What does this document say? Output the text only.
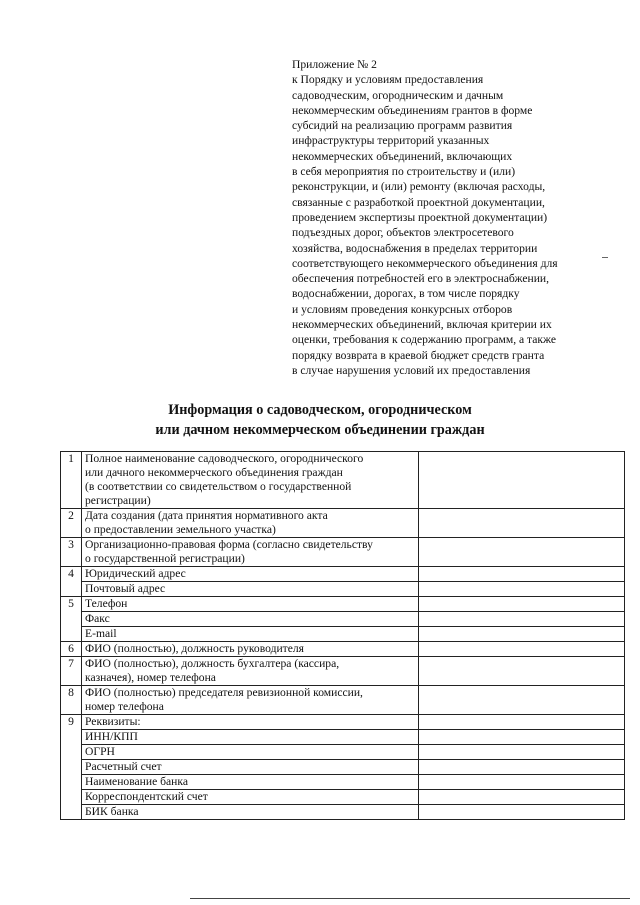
Приложение № 2
к Порядку и условиям предоставления
садоводческим, огородническим и дачным
некоммерческим объединениям грантов в форме
субсидий на реализацию программ развития
инфраструктуры территорий указанных
некоммерческих объединений, включающих
в себя мероприятия по строительству и (или)
реконструкции, и (или) ремонту (включая расходы,
связанные с разработкой проектной документации,
проведением экспертизы проектной документации)
подъездных дорог, объектов электросетевого
хозяйства, водоснабжения в пределах территории
соответствующего некоммерческого объединения для
обеспечения потребностей его в электроснабжении,
водоснабжении, дорогах, в том числе порядку
и условиям проведения конкурсных отборов
некоммерческих объединений, включая критерии их
оценки, требования к содержанию программ, а также
порядку возврата в краевой бюджет средств гранта
в случае нарушения условий их предоставления
Информация о садоводческом, огородническом
или дачном некоммерческом объединении граждан
1	Полное наименование садоводческого, огороднического
или дачного некоммерческого объединения граждан
(в соответствии со свидетельством о государственной
регистрации)	

2	Дата создания (дата принятия нормативного акта
о предоставлении земельного участка)	

3	Организационно-правовая форма (согласно свидетельству
о государственной регистрации)	

4	Юридический адрес	

	Почтовый адрес	

5	Телефон	

	Факс	

	E-mail	

6	ФИО (полностью), должность руководителя	

7	ФИО (полностью), должность бухгалтера (кассира,
казначея), номер телефона	

8	ФИО (полностью) председателя ревизионной комиссии,
номер телефона	

9	Реквизиты:	

	ИНН/КПП	

	ОГРН	

	Расчетный счет	

	Наименование банка	

	Корреспондентский счет	

	БИК банка	
